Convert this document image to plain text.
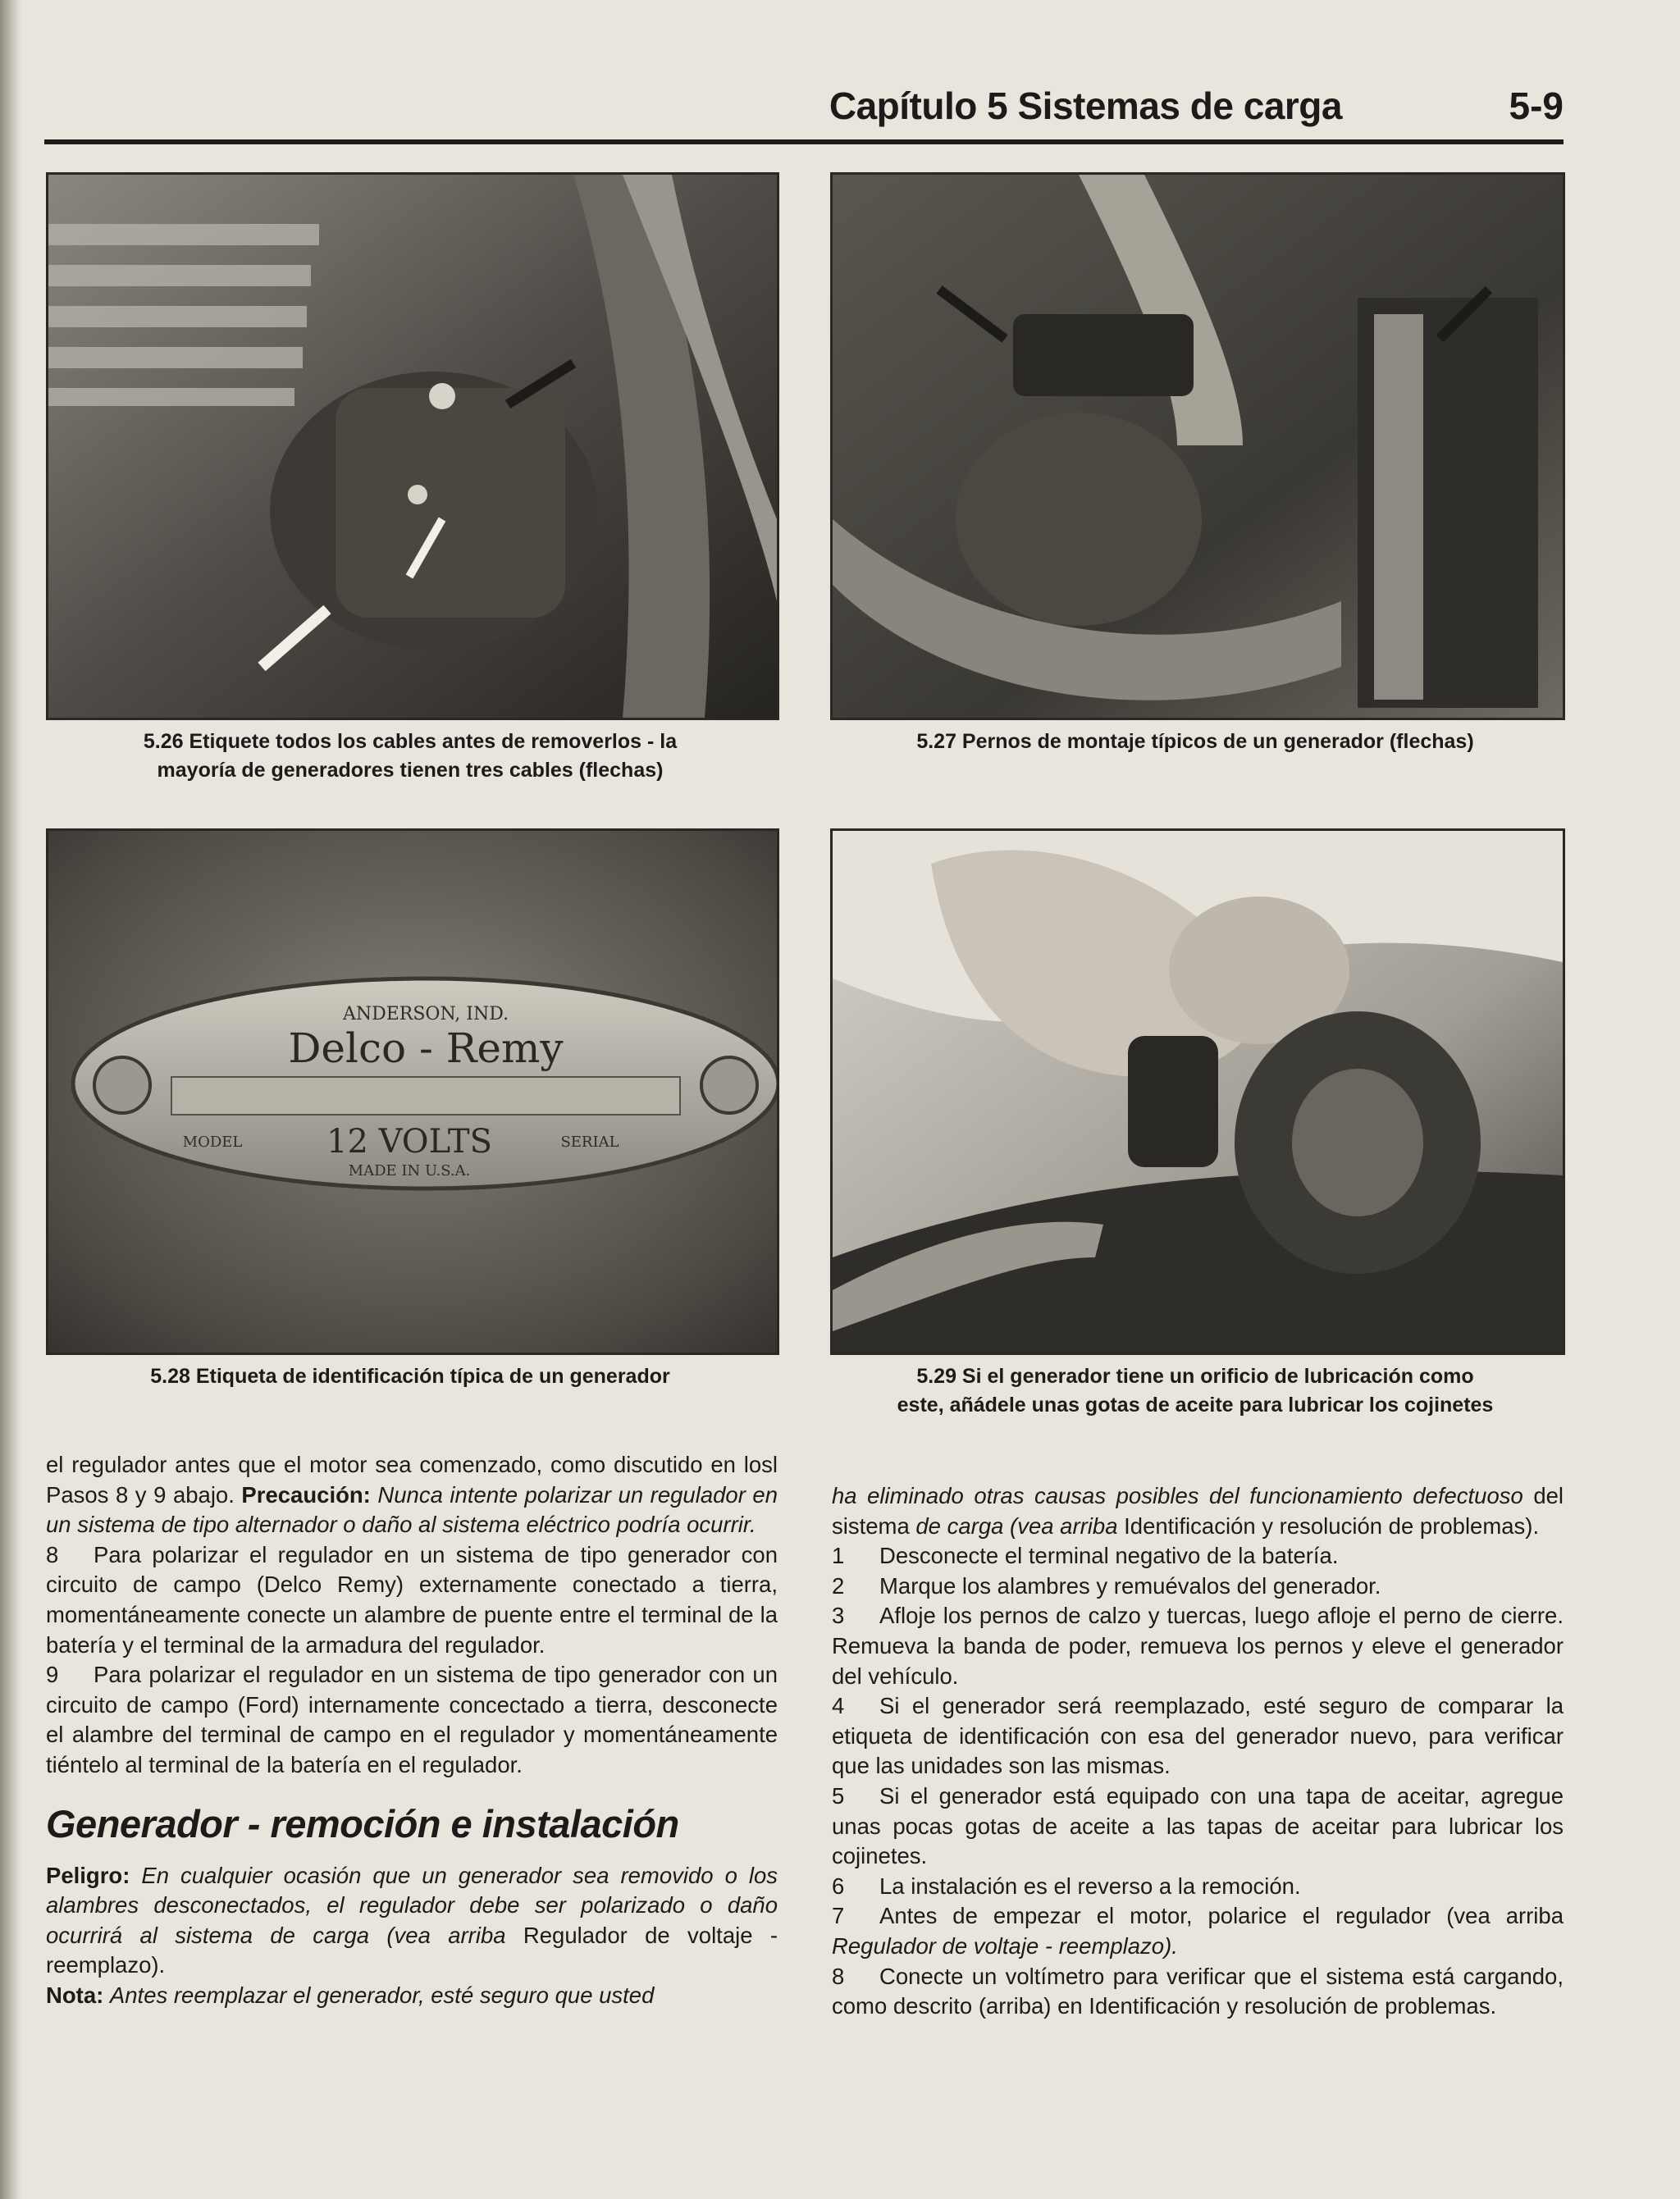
Capítulo 5 Sistemas de carga	5-9
5.26 Etiquete todos los cables antes de removerlos - la
mayoría de generadores tienen tres cables (flechas)
5.27 Pernos de montaje típicos de un generador (flechas)
ANDERSON, IND.
Delco - Remy
MODEL	12 VOLTS	SERIAL
MADE IN U.S.A.
5.28 Etiqueta de identificación típica de un generador	5.29 Si el generador tiene un orificio de lubricación como
este, añádele unas gotas de aceite para lubricar los cojinetes

el regulador antes que el motor sea comenzado, como discutido en losl Pasos 8 y 9 abajo. Precaución: Nunca intente polarizar un regulador en un sistema de tipo alternador o daño al sistema eléctrico podría ocurrir.

8 Para polarizar el regulador en un sistema de tipo generador con circuito de campo (Delco Remy) externamente conectado a tierra, momentáneamente conecte un alambre de puente entre el terminal de la batería y el terminal de la armadura del regulador.

9 Para polarizar el regulador en un sistema de tipo generador con un circuito de campo (Ford) internamente concectado a tierra, desconecte el alambre del terminal de campo en el regulador y momentáneamente tiéntelo al terminal de la batería en el regulador.

Generador - remoción e instalación

Peligro: En cualquier ocasión que un generador sea removido o los alambres desconectados, el regulador debe ser polarizado o daño ocurrirá al sistema de carga (vea arriba Regulador de voltaje - reemplazo).

Nota: Antes reemplazar el generador, esté seguro que usted

ha eliminado otras causas posibles del funcionamiento defectuoso del sistema de carga (vea arriba Identificación y resolución de problemas).

1 Desconecte el terminal negativo de la batería.

2 Marque los alambres y remuévalos del generador.

3 Afloje los pernos de calzo y tuercas, luego afloje el perno de cierre. Remueva la banda de poder, remueva los pernos y eleve el generador del vehículo.

4 Si el generador será reemplazado, esté seguro de comparar la etiqueta de identificación con esa del generador nuevo, para verificar que las unidades son las mismas.

5 Si el generador está equipado con una tapa de aceitar, agregue unas pocas gotas de aceite a las tapas de aceitar para lubricar los cojinetes.

6 La instalación es el reverso a la remoción.

7 Antes de empezar el motor, polarice el regulador (vea arriba Regulador de voltaje - reemplazo).

8 Conecte un voltímetro para verificar que el sistema está cargando, como descrito (arriba) en Identificación y resolución de problemas.
